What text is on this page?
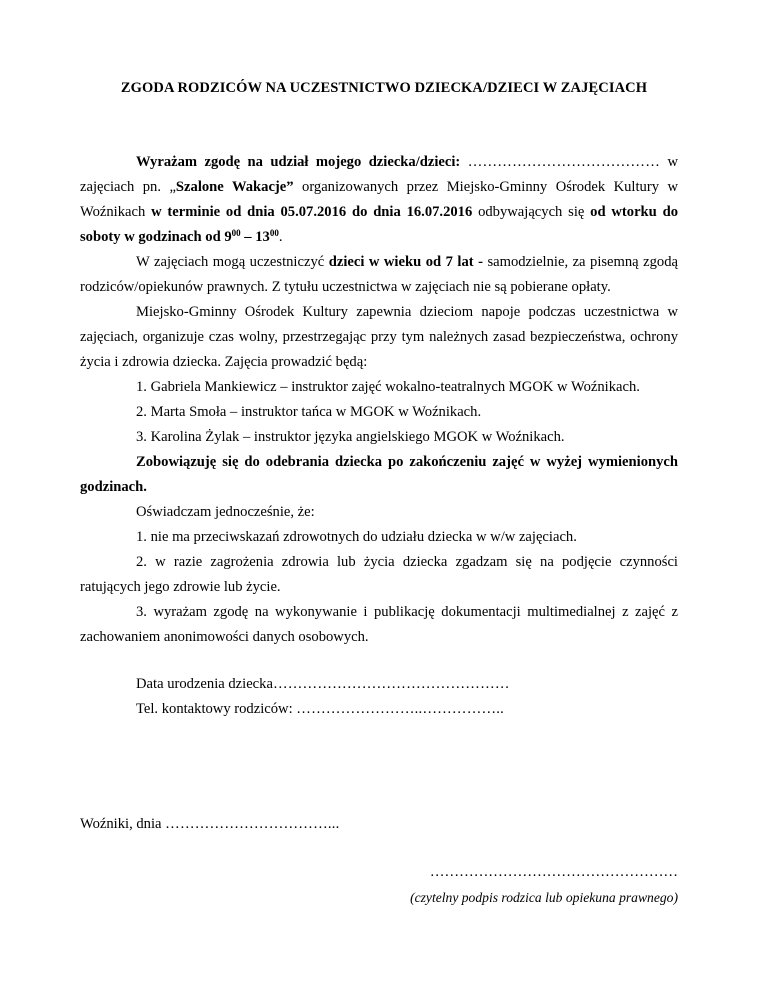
ZGODA RODZICÓW NA UCZESTNICTWO DZIECKA/DZIECI W ZAJĘCIACH

Wyrażam zgodę na udział mojego dziecka/dzieci: ………………………………… w zajęciach pn. „Szalone Wakacje” organizowanych przez Miejsko-Gminny Ośrodek Kultury w Woźnikach w terminie od dnia 05.07.2016 do dnia 16.07.2016 odbywających się od wtorku do soboty w godzinach od $9^{00} - 13^{00}$.

W zajęciach mogą uczestniczyć dzieci w wieku od 7 lat - samodzielnie, za pisemną zgodą rodziców/opiekunów prawnych. Z tytułu uczestnictwa w zajęciach nie są pobierane opłaty.

Miejsko-Gminny Ośrodek Kultury zapewnia dzieciom napoje podczas uczestnictwa w zajęciach, organizuje czas wolny, przestrzegając przy tym należnych zasad bezpieczeństwa, ochrony życia i zdrowia dziecka. Zajęcia prowadzić będą:

1. Gabriela Mankiewicz – instruktor zajęć wokalno-teatralnych MGOK w Woźnikach.

2. Marta Smoła – instruktor tańca w MGOK w Woźnikach.

3. Karolina Żylak – instruktor języka angielskiego MGOK w Woźnikach.

Zobowiązuję się do odebrania dziecka po zakończeniu zajęć w wyżej wymienionych godzinach.

Oświadczam jednocześnie, że:

1. nie ma przeciwskazań zdrowotnych do udziału dziecka w w/w zajęciach.

2. w razie zagrożenia zdrowia lub życia dziecka zgadzam się na podjęcie czynności ratujących jego zdrowie lub życie.

3. wyrażam zgodę na wykonywanie i publikację dokumentacji multimedialnej z zajęć z zachowaniem anonimowości danych osobowych.

Data urodzenia dziecka…………………………………………

Tel. kontaktowy rodziców: ……………………..……………..

Woźniki, dnia ……………………………...
……………………………………………
(czytelny podpis rodzica lub opiekuna prawnego)
